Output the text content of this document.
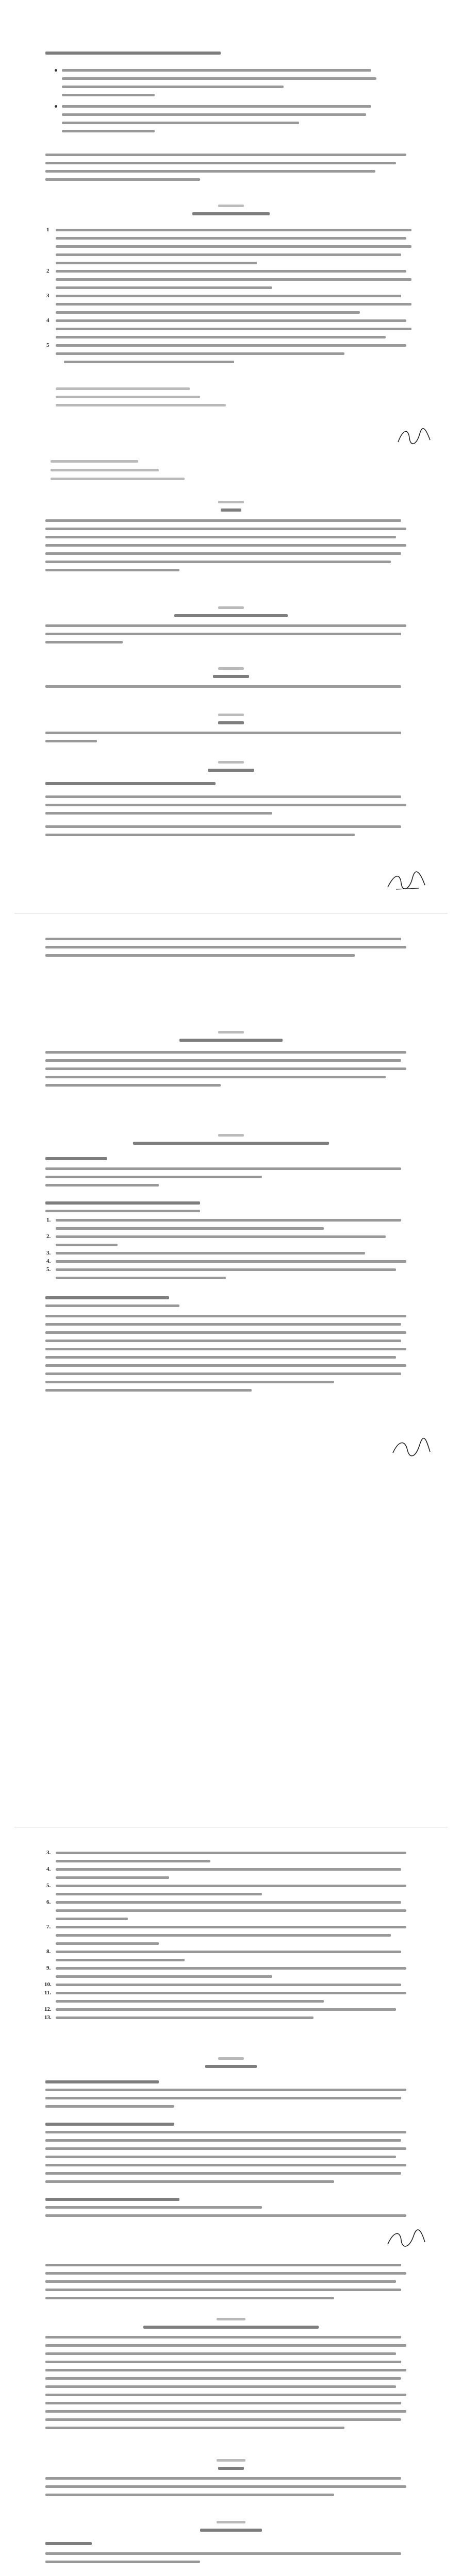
1
2
3
4
5
1.
2.
3.
4.
5.
3.
4.
5.
6.
7.
8.
9.
10.
11.
12.
13.
